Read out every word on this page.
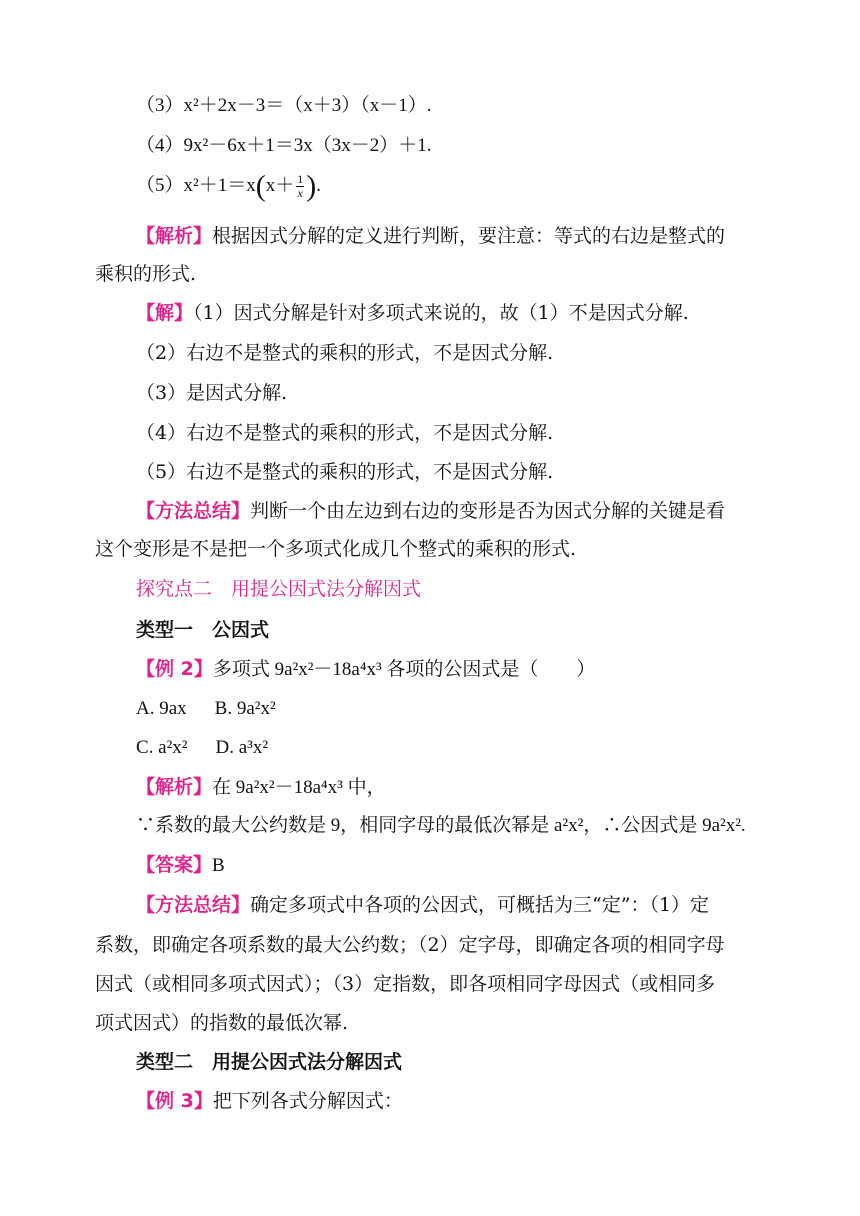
（3）x²＋2x－3＝（x＋3）（x－1）.
（4）9x²－6x＋1＝3x（3x－2）＋1.
$(5)x^2+1=x(x+ \frac{1}{x}$ ).
【解析】根据因式分解的定义进行判断，要注意：等式的右边是整式的
乘积的形式.
【解】（1）因式分解是针对多项式来说的，故（1）不是因式分解.
（2）右边不是整式的乘积的形式，不是因式分解.
（3）是因式分解.
（4）右边不是整式的乘积的形式，不是因式分解.
（5）右边不是整式的乘积的形式，不是因式分解.
【方法总结】判断一个由左边到右边的变形是否为因式分解的关键是看
这个变形是不是把一个多项式化成几个整式的乘积的形式.
探究点二　用提公因式法分解因式
类型一　公因式
【例 2】多项式 9a²x²－18a⁴x³ 各项的公因式是（　　）
A. 9ax B. 9a²x²
C. a²x² D. a³x²
【解析】在 9a²x²－18a⁴x³ 中，
∵系数的最大公约数是 9，相同字母的最低次幂是 a²x²，∴公因式是 9a²x².
【答案】B
【方法总结】确定多项式中各项的公因式，可概括为三“定”：（1）定
系数，即确定各项系数的最大公约数；（2）定字母，即确定各项的相同字母
因式（或相同多项式因式）；（3）定指数，即各项相同字母因式（或相同多
项式因式）的指数的最低次幂.
类型二　用提公因式法分解因式
【例 3】把下列各式分解因式：
